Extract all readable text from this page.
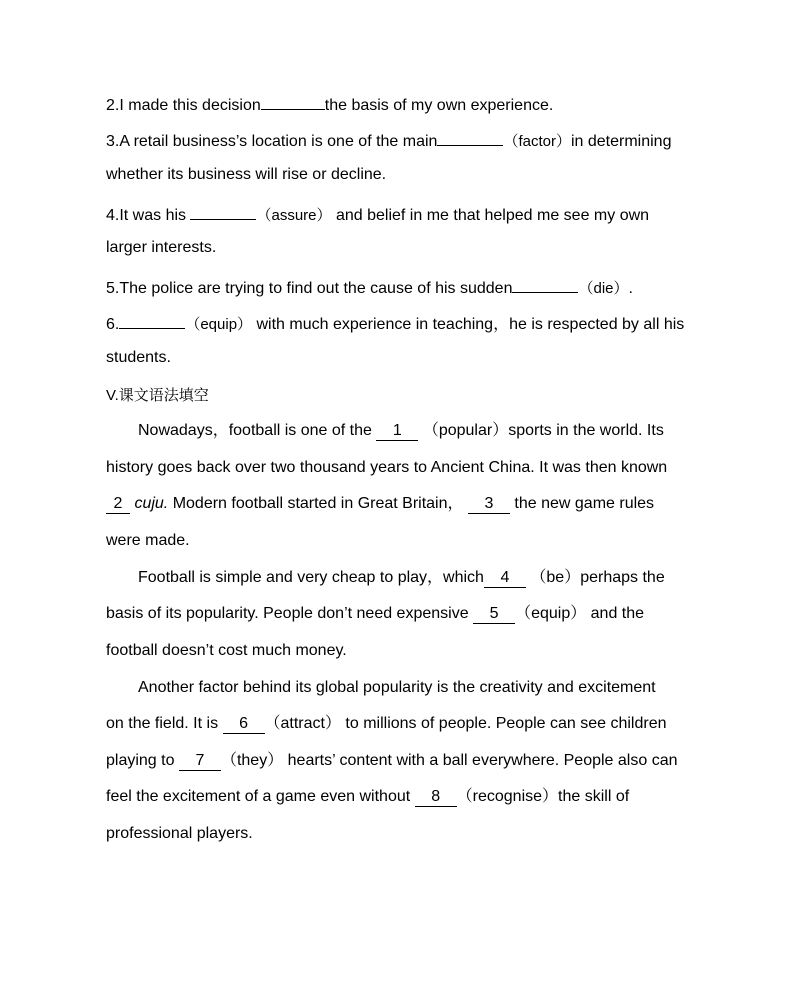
2.I made this decision	the basis of my own experience.
3.A retail business’s location is one of the main	（factor）in determining
whether its business will rise or decline.
4.It was his	（assure） and belief in me that helped me see my own
larger interests.
5.The police are trying to find out the cause of his sudden	（die）.
6.	（equip） with much experience in teaching，he is respected by all his
students.
V.课文语法填空
Nowadays，football is one of the 1 （popular）sports in the world. Its
history goes back over two thousand years to Ancient China. It was then known
2 cuju. Modern football started in Great Britain， 3 the new game rules
were made.
Football is simple and very cheap to play，which 4 （be）perhaps the
basis of its popularity. People don’t need expensive 5 （equip） and the
football doesn’t cost much money.
Another factor behind its global popularity is the creativity and excitement
on the field. It is 6 （attract） to millions of people. People can see children
playing to 7 （they） hearts’ content with a ball everywhere. People also can
feel the excitement of a game even without 8 （recognise）the skill of
professional players.
